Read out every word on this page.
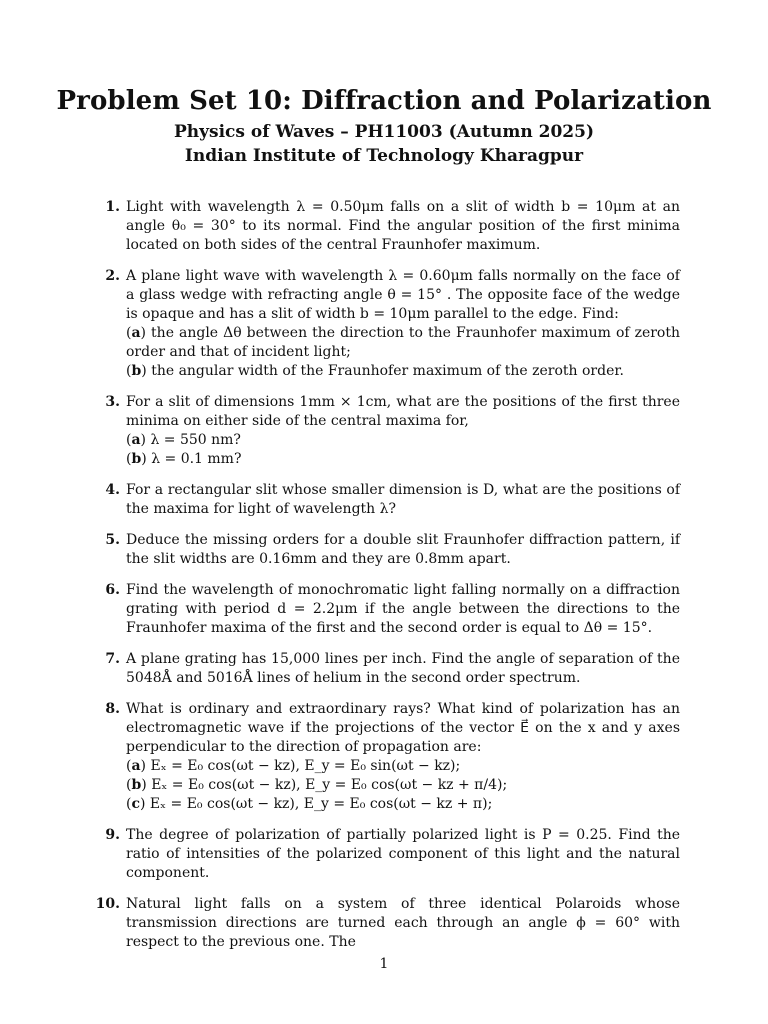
Problem Set 10: Diffraction and Polarization
Physics of Waves – PH11003 (Autumn 2025)
Indian Institute of Technology Kharagpur
1. Light with wavelength λ = 0.50μm falls on a slit of width b = 10μm at an angle θ₀ = 30° to its normal. Find the angular position of the first minima located on both sides of the central Fraunhofer maximum.
2. A plane light wave with wavelength λ = 0.60μm falls normally on the face of a glass wedge with refracting angle θ = 15° . The opposite face of the wedge is opaque and has a slit of width b = 10μm parallel to the edge. Find:
(a) the angle Δθ between the direction to the Fraunhofer maximum of zeroth order and that of incident light;
(b) the angular width of the Fraunhofer maximum of the zeroth order.
3. For a slit of dimensions 1mm × 1cm, what are the positions of the first three minima on either side of the central maxima for,
(a) λ = 550 nm?
(b) λ = 0.1 mm?
4. For a rectangular slit whose smaller dimension is D, what are the positions of the maxima for light of wavelength λ?
5. Deduce the missing orders for a double slit Fraunhofer diffraction pattern, if the slit widths are 0.16mm and they are 0.8mm apart.
6. Find the wavelength of monochromatic light falling normally on a diffraction grating with period d = 2.2μm if the angle between the directions to the Fraunhofer maxima of the first and the second order is equal to Δθ = 15°.
7. A plane grating has 15,000 lines per inch. Find the angle of separation of the 5048Å and 5016Å lines of helium in the second order spectrum.
8. What is ordinary and extraordinary rays? What kind of polarization has an electromagnetic wave if the projections of the vector E⃗ on the x and y axes perpendicular to the direction of propagation are:
(a) Eₓ = E₀ cos(ωt − kz), E_y = E₀ sin(ωt − kz);
(b) Eₓ = E₀ cos(ωt − kz), E_y = E₀ cos(ωt − kz + π/4);
(c) Eₓ = E₀ cos(ωt − kz), E_y = E₀ cos(ωt − kz + π);
9. The degree of polarization of partially polarized light is P = 0.25. Find the ratio of intensities of the polarized component of this light and the natural component.
10. Natural light falls on a system of three identical Polaroids whose transmission directions are turned each through an angle ϕ = 60° with respect to the previous one. The
1
